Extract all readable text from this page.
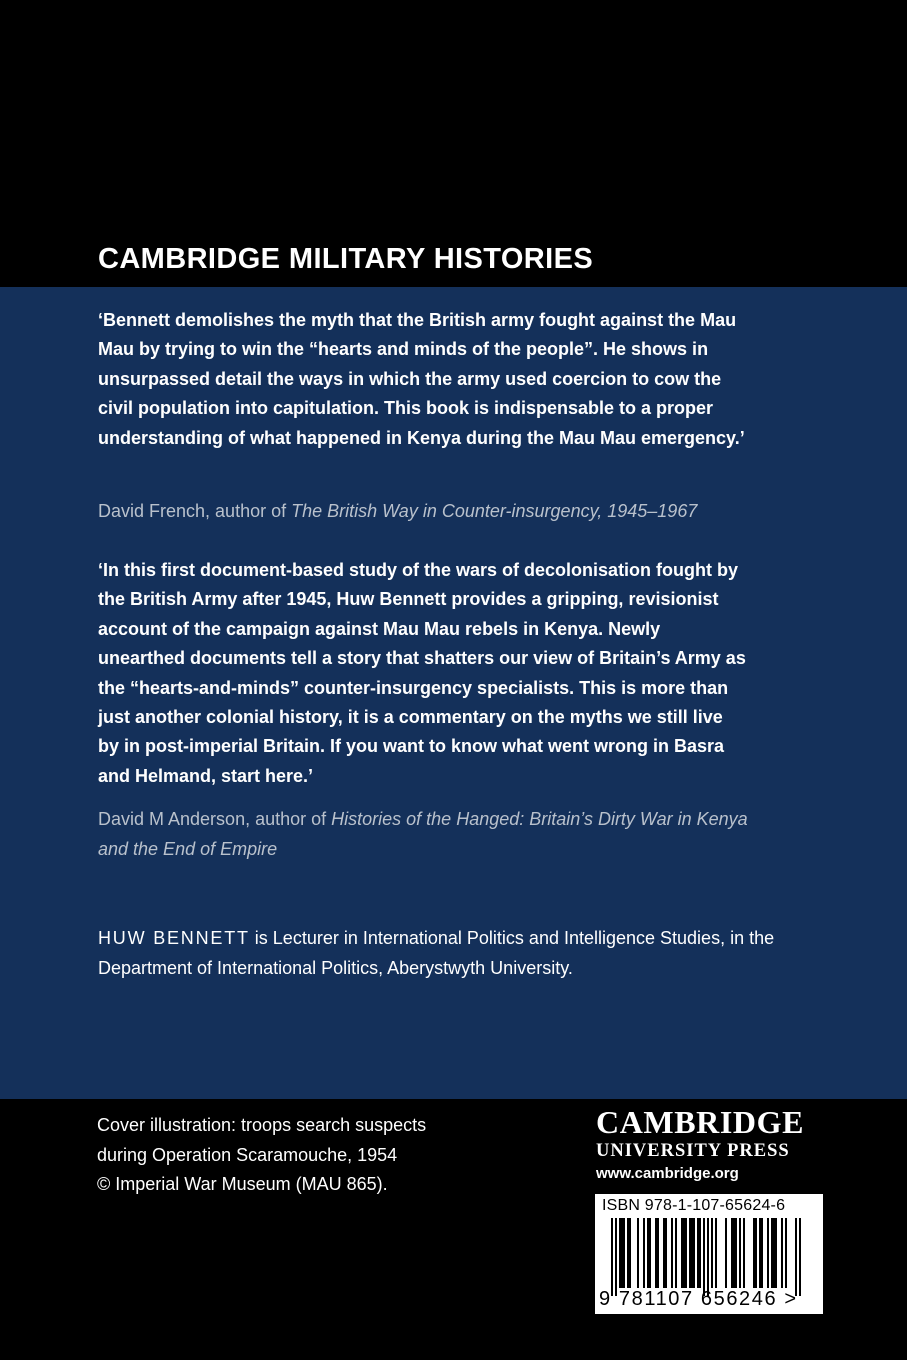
CAMBRIDGE MILITARY HISTORIES

‘Bennett demolishes the myth that the British army fought against the Mau Mau by trying to win the “hearts and minds of the people”. He shows in unsurpassed detail the ways in which the army used coercion to cow the civil population into capitulation. This book is indispensable to a proper understanding of what happened in Kenya during the Mau Mau emergency.’

David French, author of The British Way in Counter-insurgency, 1945–1967

‘In this first document-based study of the wars of decolonisation fought by the British Army after 1945, Huw Bennett provides a gripping, revisionist account of the campaign against Mau Mau rebels in Kenya. Newly unearthed documents tell a story that shatters our view of Britain’s Army as the “hearts-and-minds” counter-insurgency specialists. This is more than just another colonial history, it is a commentary on the myths we still live by in post-imperial Britain. If you want to know what went wrong in Basra and Helmand, start here.’

David M Anderson, author of Histories of the Hanged: Britain’s Dirty War in Kenya and the End of Empire

HUW BENNETT is Lecturer in International Politics and Intelligence Studies, in the Department of International Politics, Aberystwyth University.

Cover illustration: troops search suspects
during Operation Scaramouche, 1954
© Imperial War Museum (MAU 865).
CAMBRIDGE
UNIVERSITY PRESS
www.cambridge.org
ISBN 978-1-107-65624-6
9 781107 656246 >
